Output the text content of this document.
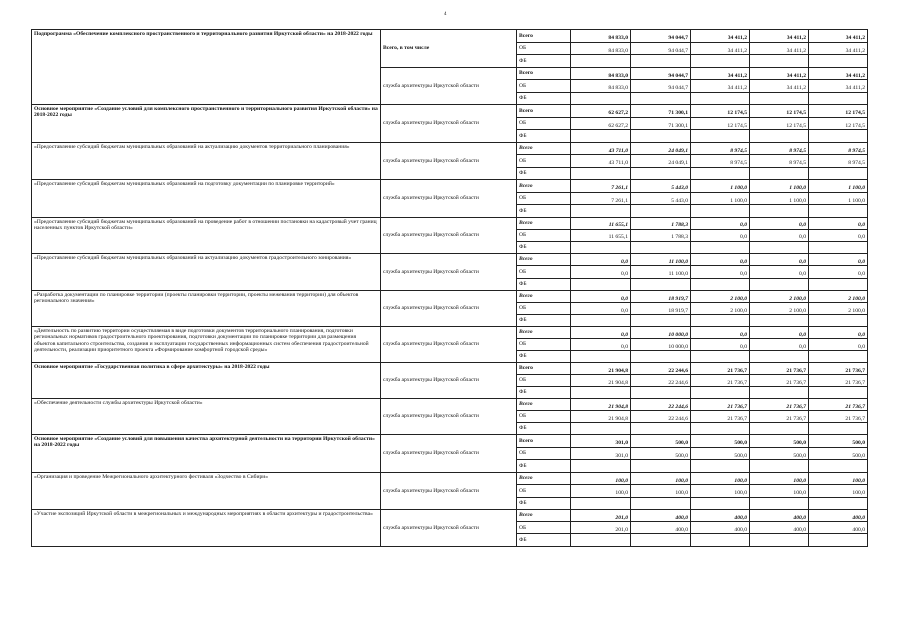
4
Подпрограмма «Обеспечение комплексного пространственного и территориального развития Иркутской области» на 2018-2022 годы	Всего, в том числе	Всего	84 833,0	94 044,7	34 411,2	34 411,2	34 411,2
		ОБ	84 833,0	94 044,7	34 411,2	34 411,2	34 411,2
		ФБ					
	служба архитектуры Иркутской области	Всего	84 833,0	94 044,7	34 411,2	34 411,2	34 411,2
		ОБ	84 833,0	94 044,7	34 411,2	34 411,2	34 411,2
		ФБ					
Основное мероприятие «Создание условий для комплексного пространственного и территориального развития Иркутской области» на 2018-2022 годы	служба архитектуры Иркутской области	Всего	62 627,2	71 300,1	12 174,5	12 174,5	12 174,5
		ОБ	62 627,2	71 300,1	12 174,5	12 174,5	12 174,5
		ФБ					
«Предоставление субсидий бюджетам муниципальных образований на актуализацию документов территориального планирования»	служба архитектуры Иркутской области	Всего	43 711,0	24 049,1	8 974,5	8 974,5	8 974,5
		ОБ	43 711,0	24 049,1	8 974,5	8 974,5	8 974,5
		ФБ					
«Предоставление субсидий бюджетам муниципальных образований на подготовку документации по планировке территорий»	служба архитектуры Иркутской области	Всего	7 261,1	5 443,0	1 100,0	1 100,0	1 100,0
		ОБ	7 261,1	5 443,0	1 100,0	1 100,0	1 100,0
		ФБ					
«Предоставление субсидий бюджетам муниципальных образований на проведение работ в отношении постановки на кадастровый учет границ населенных пунктов Иркутской области»	служба архитектуры Иркутской области	Всего	11 655,1	1 788,3	0,0	0,0	0,0
		ОБ	11 655,1	1 788,3	0,0	0,0	0,0
		ФБ					
«Предоставление субсидий бюджетам муниципальных образований на актуализацию документов градостроительного зонирования»	служба архитектуры Иркутской области	Всего	0,0	11 100,0	0,0	0,0	0,0
		ОБ	0,0	11 100,0	0,0	0,0	0,0
		ФБ					
«Разработка документации по планировке территории (проекты планировки территории, проекты межевания территории) для объектов регионального значения»	служба архитектуры Иркутской области	Всего	0,0	18 919,7	2 100,0	2 100,0	2 100,0
		ОБ	0,0	18 919,7	2 100,0	2 100,0	2 100,0
		ФБ					
«Деятельность по развитию территории осуществляемая в виде подготовки документов территориального планирования, подготовки региональных нормативов градостроительного проектирования, подготовки документации по планировке территории для размещения объектов капитального строительства, создания и эксплуатации государственных информационных систем обеспечения градостроительной деятельности, реализации приоритетного проекта «Формирование комфортной городской среды»	служба архитектуры Иркутской области	Всего	0,0	10 000,0	0,0	0,0	0,0
		ОБ	0,0	10 000,0	0,0	0,0	0,0
		ФБ					
Основное мероприятие «Государственная политика в сфере архитектуры» на 2018-2022 годы	служба архитектуры Иркутской области	Всего	21 904,8	22 244,6	21 736,7	21 736,7	21 736,7
		ОБ	21 904,8	22 244,6	21 736,7	21 736,7	21 736,7
		ФБ					
«Обеспечение деятельности службы архитектуры Иркутской области»	служба архитектуры Иркутской области	Всего	21 904,8	22 244,6	21 736,7	21 736,7	21 736,7
		ОБ	21 904,8	22 244,6	21 736,7	21 736,7	21 736,7
		ФБ					
Основное мероприятие «Создание условий для повышения качества архитектурной деятельности на территории Иркутской области» на 2018-2022 годы	служба архитектуры Иркутской области	Всего	301,0	500,0	500,0	500,0	500,0
		ОБ	301,0	500,0	500,0	500,0	500,0
		ФБ					
«Организация и проведение Межрегионального архитектурного фестиваля «Зодчество в Сибири»	служба архитектуры Иркутской области	Всего	100,0	100,0	100,0	100,0	100,0
		ОБ	100,0	100,0	100,0	100,0	100,0
		ФБ					
«Участие экспозиций Иркутской области в межрегиональных и международных мероприятиях в области архитектуры и градостроительства»	служба архитектуры Иркутской области	Всего	201,0	400,0	400,0	400,0	400,0
		ОБ	201,0	400,0	400,0	400,0	400,0
		ФБ					
